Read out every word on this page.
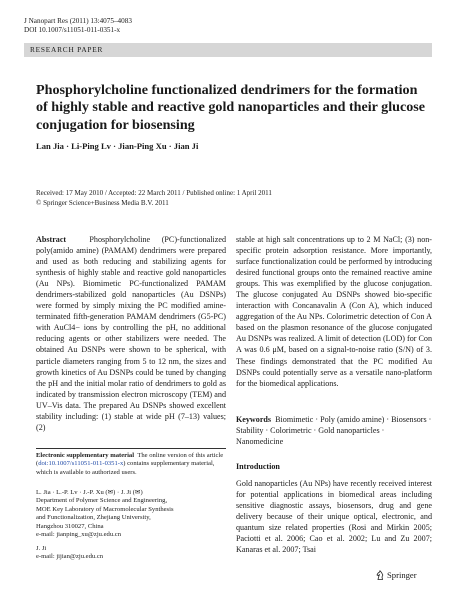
J Nanopart Res (2011) 13:4075–4083
DOI 10.1007/s11051-011-0351-x
RESEARCH PAPER
Phosphorylcholine functionalized dendrimers for the formation of highly stable and reactive gold nanoparticles and their glucose conjugation for biosensing
Lan Jia · Li-Ping Lv · Jian-Ping Xu · Jian Ji
Received: 17 May 2010 / Accepted: 22 March 2011 / Published online: 1 April 2011
© Springer Science+Business Media B.V. 2011

Abstract	Phosphorylcholine (PC)-functionalized poly(amido amine) (PAMAM) dendrimers were prepared and used as both reducing and stabilizing agents for synthesis of highly stable and reactive gold nanoparticles (Au NPs). Biomimetic PC-functionalized PAMAM dendrimers-stabilized gold nanoparticles (Au DSNPs) were formed by simply mixing the PC modified amine-terminated fifth-generation PAMAM dendrimers (G5-PC) with AuCl4− ions by controlling the pH, no additional reducing agents or other stabilizers were needed. The obtained Au DSNPs were shown to be spherical, with particle diameters ranging from 5 to 12 nm, the sizes and growth kinetics of Au DSNPs could be tuned by changing the pH and the initial molar ratio of dendrimers to gold as indicated by transmission electron microscopy (TEM) and UV–Vis data. The prepared Au DSNPs showed excellent stability including: (1) stable at wide pH (7–13) values; (2)

stable at high salt concentrations up to 2 M NaCl; (3) non-specific protein adsorption resistance. More importantly, surface functionalization could be performed by introducing desired functional groups onto the remained reactive amine groups. This was exemplified by the glucose conjugation. The glucose conjugated Au DSNPs showed bio-specific interaction with Concanavalin A (Con A), which induced aggregation of the Au NPs. Colorimetric detection of Con A based on the plasmon resonance of the glucose conjugated Au DSNPs was realized. A limit of detection (LOD) for Con A was 0.6 μM, based on a signal-to-noise ratio (S/N) of 3. These findings demonstrated that the PC modified Au DSNPs could potentially serve as a versatile nano-platform for the biomedical applications.

Keywords Biomimetic · Poly (amido amine) · Biosensors · Stability · Colorimetric · Gold nanoparticles · Nanomedicine
Electronic supplementary material The online version of this article (doi:10.1007/s11051-011-0351-x) contains supplementary material, which is available to authorized users.

L. Jia · L.-P. Lv · J.-P. Xu (✉) · J. Ji (✉)

Department of Polymer Science and Engineering,

MOE Key Laboratory of Macromolecular Synthesis

and Functionalization, Zhejiang University,

Hangzhou 310027, China

e-mail: jianping_xu@zju.edu.cn

J. Ji

e-mail: jijian@zju.edu.cn

Introduction
Gold nanoparticles (Au NPs) have recently received interest for potential applications in biomedical areas including sensitive diagnostic assays, biosensors, drug and gene delivery because of their unique optical, electronic, and quantum size related properties (Rosi and Mirkin 2005; Paciotti et al. 2006; Cao et al. 2002; Lu and Zu 2007; Kanaras et al. 2007; Tsai
Springer
